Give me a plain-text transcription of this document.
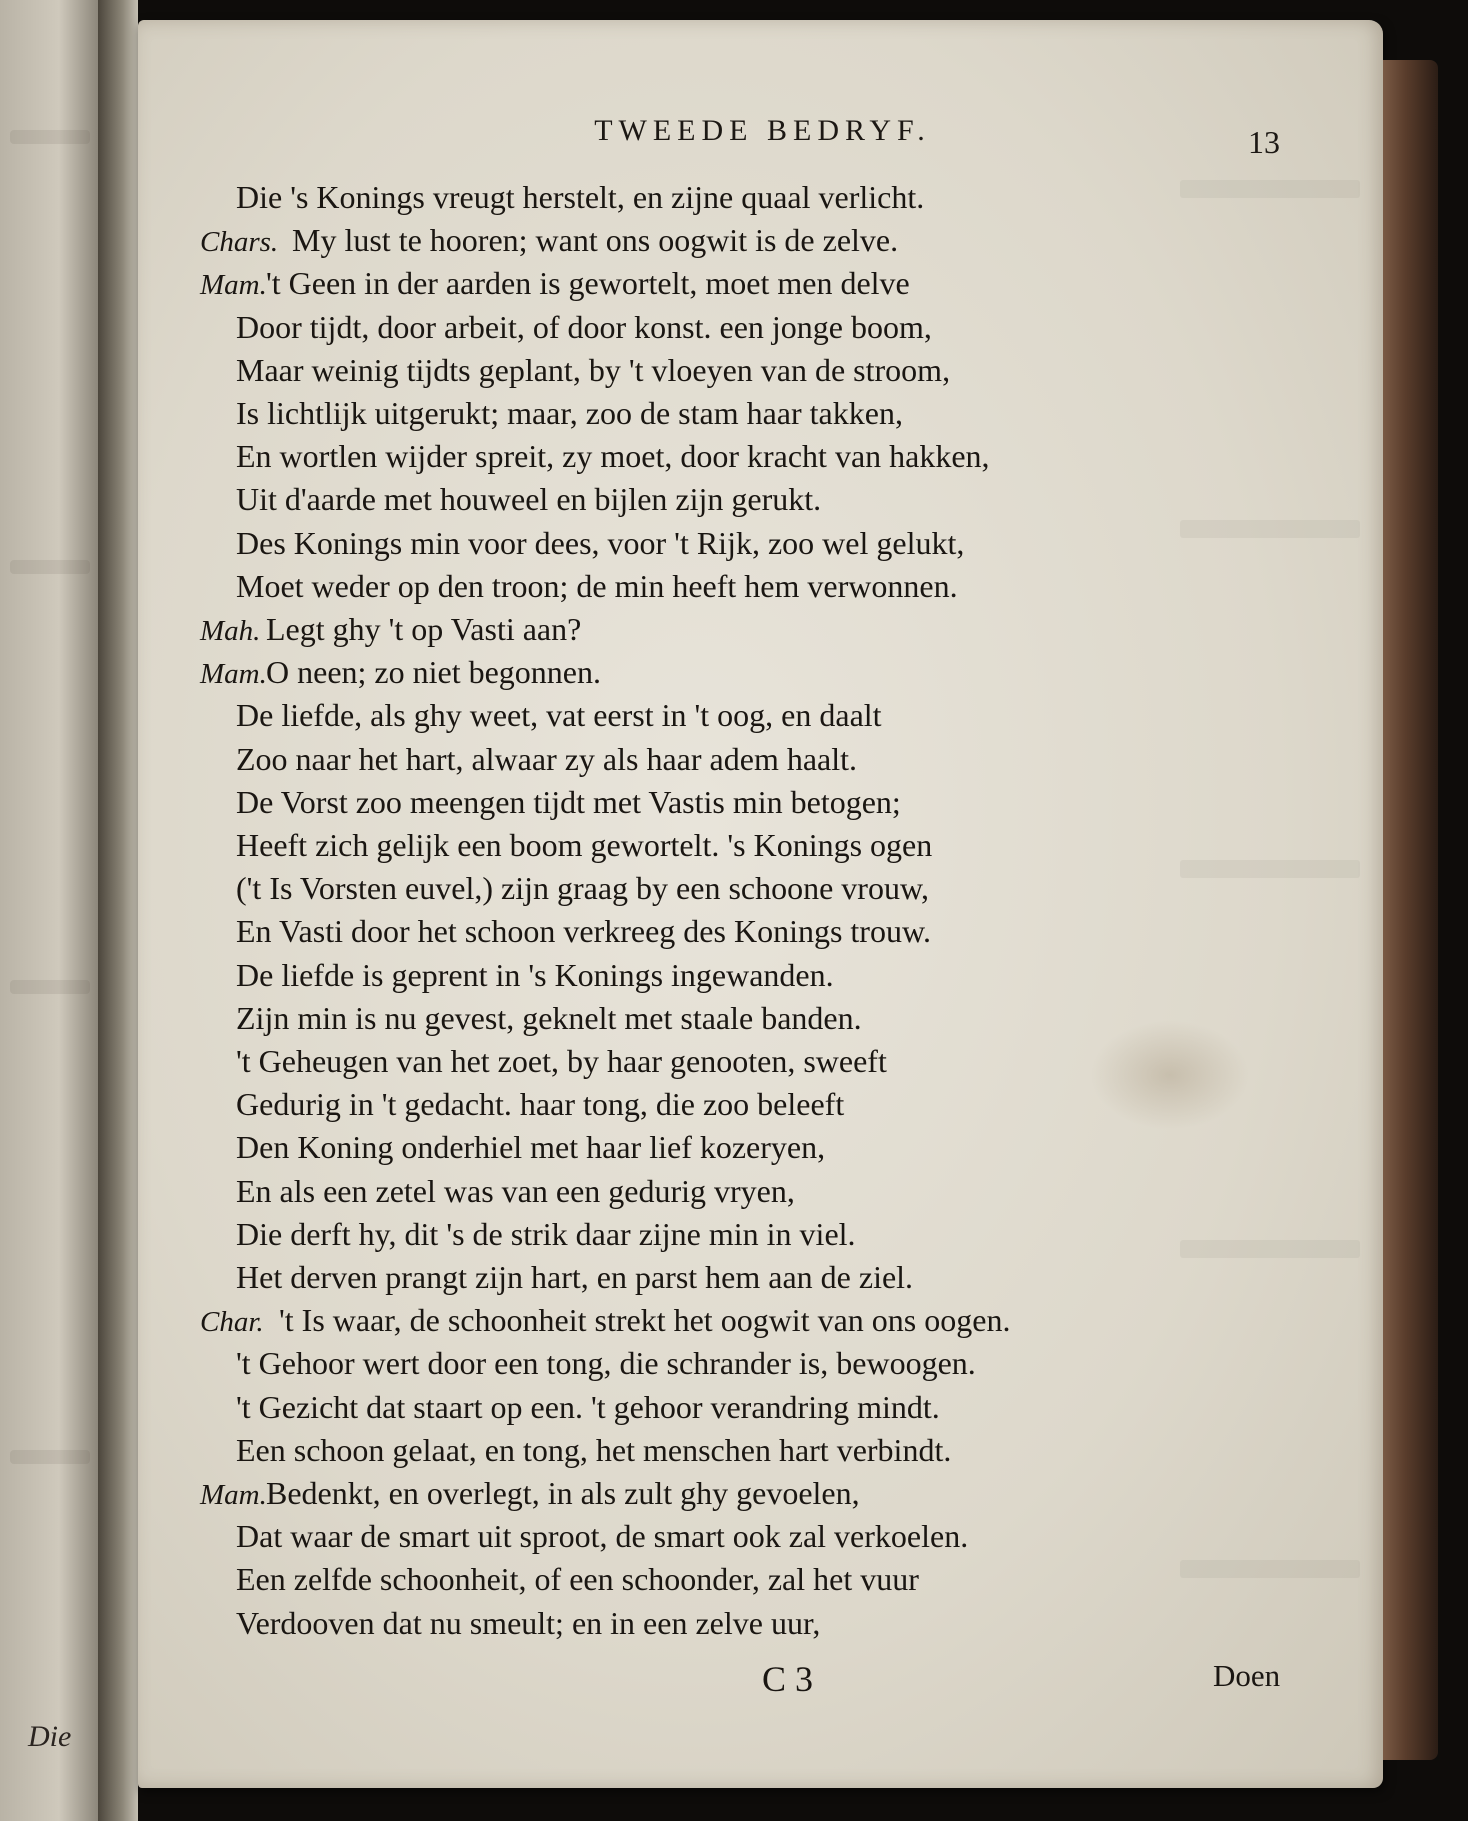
Die
TWEEDE BEDRYF.	13
Die 's Konings vreugt herstelt, en zijne quaal verlicht.
Chars. My lust te hooren; want ons oogwit is de zelve.
Mam. 't Geen in der aarden is gewortelt, moet men delve
Door tijdt, door arbeit, of door konst. een jonge boom,
Maar weinig tijdts geplant, by 't vloeyen van de stroom,
Is lichtlijk uitgerukt; maar, zoo de stam haar takken,
En wortlen wijder spreit, zy moet, door kracht van hakken,
Uit d'aarde met houweel en bijlen zijn gerukt.
Des Konings min voor dees, voor 't Rijk, zoo wel gelukt,
Moet weder op den troon; de min heeft hem verwonnen.
Mah. Legt ghy 't op Vasti aan?
Mam. O neen; zo niet begonnen.
De liefde, als ghy weet, vat eerst in 't oog, en daalt
Zoo naar het hart, alwaar zy als haar adem haalt.
De Vorst zoo meengen tijdt met Vastis min betogen;
Heeft zich gelijk een boom gewortelt. 's Konings ogen
('t Is Vorsten euvel,) zijn graag by een schoone vrouw,
En Vasti door het schoon verkreeg des Konings trouw.
De liefde is geprent in 's Konings ingewanden.
Zijn min is nu gevest, geknelt met staale banden.
't Geheugen van het zoet, by haar genooten, sweeft
Gedurig in 't gedacht. haar tong, die zoo beleeft
Den Koning onderhiel met haar lief kozeryen,
En als een zetel was van een gedurig vryen,
Die derft hy, dit 's de strik daar zijne min in viel.
Het derven prangt zijn hart, en parst hem aan de ziel.
Char. 't Is waar, de schoonheit strekt het oogwit van ons oogen.
't Gehoor wert door een tong, die schrander is, bewoogen.
't Gezicht dat staart op een. 't gehoor verandring mindt.
Een schoon gelaat, en tong, het menschen hart verbindt.
Mam. Bedenkt, en overlegt, in als zult ghy gevoelen,
Dat waar de smart uit sproot, de smart ook zal verkoelen.
Een zelfde schoonheit, of een schoonder, zal het vuur
Verdooven dat nu smeult; en in een zelve uur,
C 3	Doen
